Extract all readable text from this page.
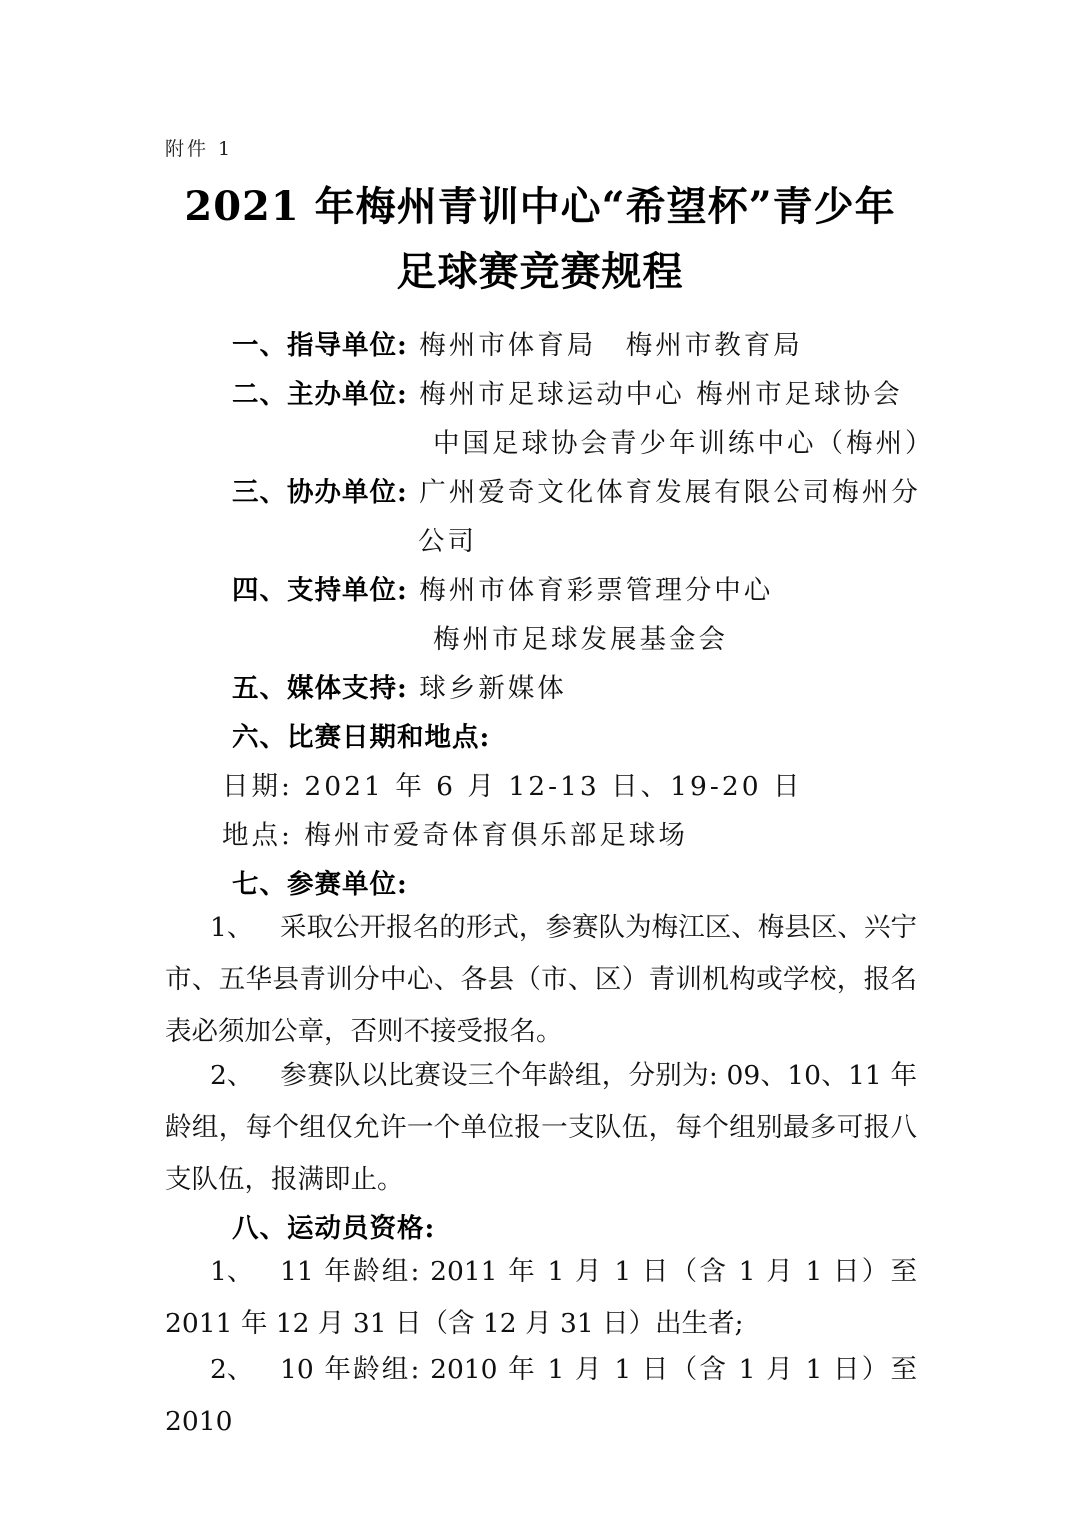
附件 1
2021 年梅州青训中心“希望杯”青少年
足球赛竞赛规程
一、指导单位: 梅州市体育局　梅州市教育局
二、主办单位: 梅州市足球运动中心 梅州市足球协会
中国足球协会青少年训练中心（梅州）
三、协办单位: 广州爱奇文化体育发展有限公司梅州分
公司
四、支持单位: 梅州市体育彩票管理分中心
梅州市足球发展基金会
五、媒体支持: 球乡新媒体
六、比赛日期和地点:
日期: 2021 年 6 月 12-13 日、19-20 日
地点: 梅州市爱奇体育俱乐部足球场
七、参赛单位:
1、 采取公开报名的形式，参赛队为梅江区、梅县区、兴宁市、五华县青训分中心、各县（市、区）青训机构或学校，报名表必须加公章，否则不接受报名。
2、 参赛队以比赛设三个年龄组，分别为: 09、10、11 年龄组，每个组仅允许一个单位报一支队伍，每个组别最多可报八支队伍，报满即止。
八、运动员资格:
1、 11 年龄组: 2011 年 1 月 1 日（含 1 月 1 日）至 2011 年 12 月 31 日（含 12 月 31 日）出生者;
2、 10 年龄组: 2010 年 1 月 1 日（含 1 月 1 日）至 2010
